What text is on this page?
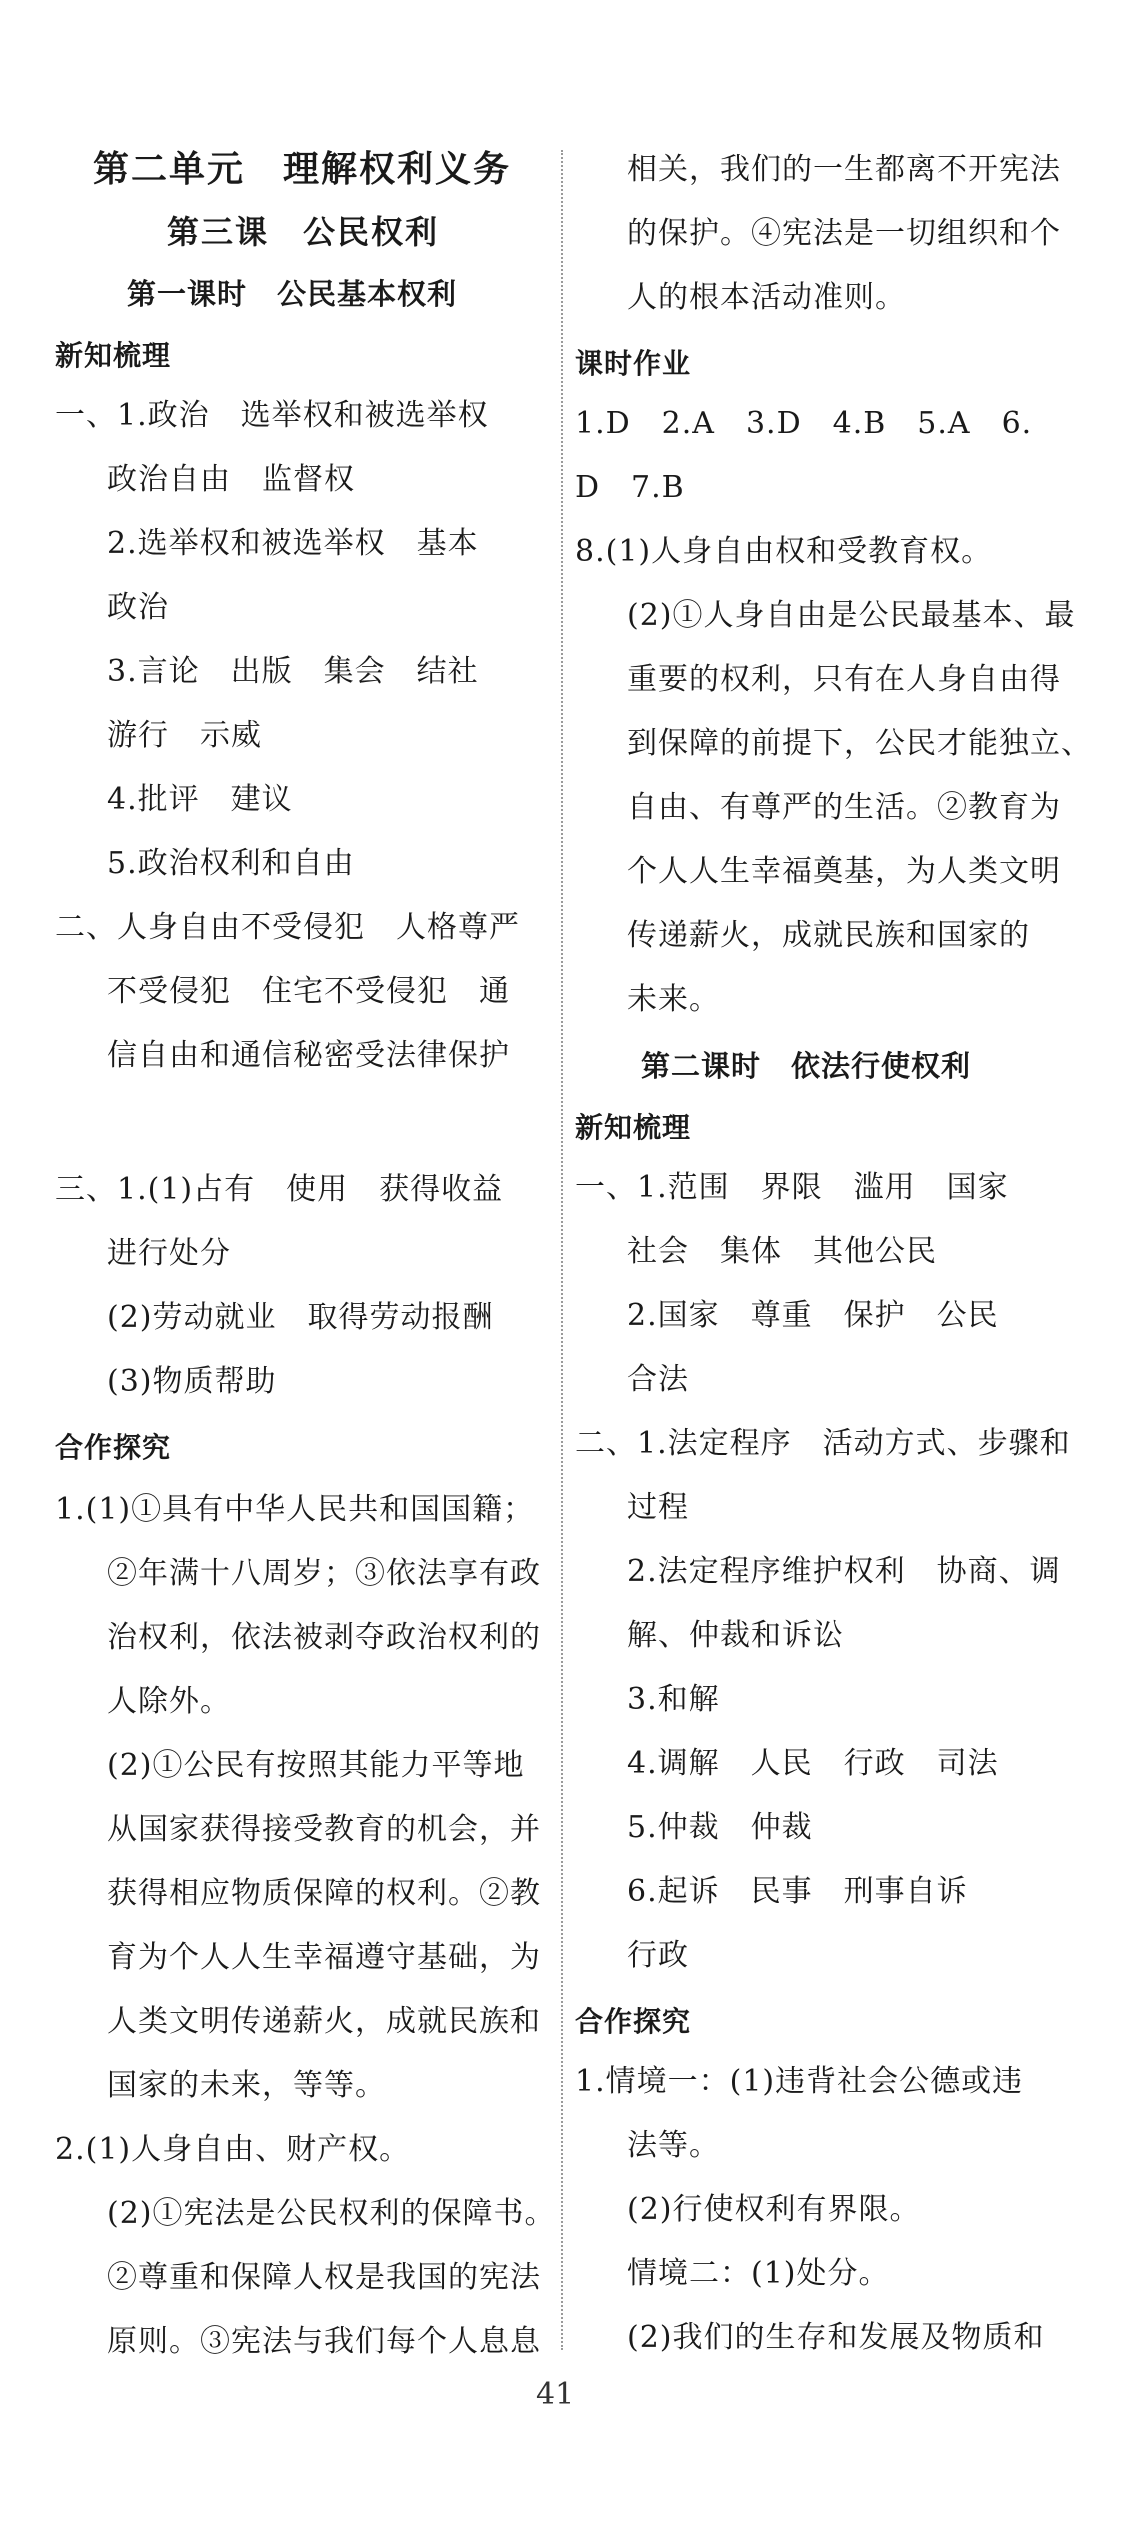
第二单元　理解权利义务
第三课　公民权利
第一课时　公民基本权利
新知梳理
一、1.政治　选举权和被选举权
政治自由　监督权
2.选举权和被选举权　基本
政治
3.言论　出版　集会　结社
游行　示威
4.批评　建议
5.政治权利和自由
二、人身自由不受侵犯　人格尊严
不受侵犯　住宅不受侵犯　通
信自由和通信秘密受法律保护
三、1.(1)占有　使用　获得收益
进行处分
(2)劳动就业　取得劳动报酬
(3)物质帮助
合作探究
1.(1)①具有中华人民共和国国籍；
②年满十八周岁；③依法享有政
治权利，依法被剥夺政治权利的
人除外。
(2)①公民有按照其能力平等地
从国家获得接受教育的机会，并
获得相应物质保障的权利。②教
育为个人人生幸福遵守基础，为
人类文明传递薪火，成就民族和
国家的未来，等等。
2.(1)人身自由、财产权。
(2)①宪法是公民权利的保障书。
②尊重和保障人权是我国的宪法
原则。③宪法与我们每个人息息
相关，我们的一生都离不开宪法
的保护。④宪法是一切组织和个
人的根本活动准则。
课时作业
1.D　2.A　3.D　4.B　5.A　6.
D　7.B
8.(1)人身自由权和受教育权。
(2)①人身自由是公民最基本、最
重要的权利，只有在人身自由得
到保障的前提下，公民才能独立、
自由、有尊严的生活。②教育为
个人人生幸福奠基，为人类文明
传递薪火，成就民族和国家的
未来。
第二课时　依法行使权利
新知梳理
一、1.范围　界限　滥用　国家
社会　集体　其他公民
2.国家　尊重　保护　公民
合法
二、1.法定程序　活动方式、步骤和
过程
2.法定程序维护权利　协商、调
解、仲裁和诉讼
3.和解
4.调解　人民　行政　司法
5.仲裁　仲裁
6.起诉　民事　刑事自诉
行政
合作探究
1.情境一：(1)违背社会公德或违
法等。
(2)行使权利有界限。
情境二：(1)处分。
(2)我们的生存和发展及物质和
41
